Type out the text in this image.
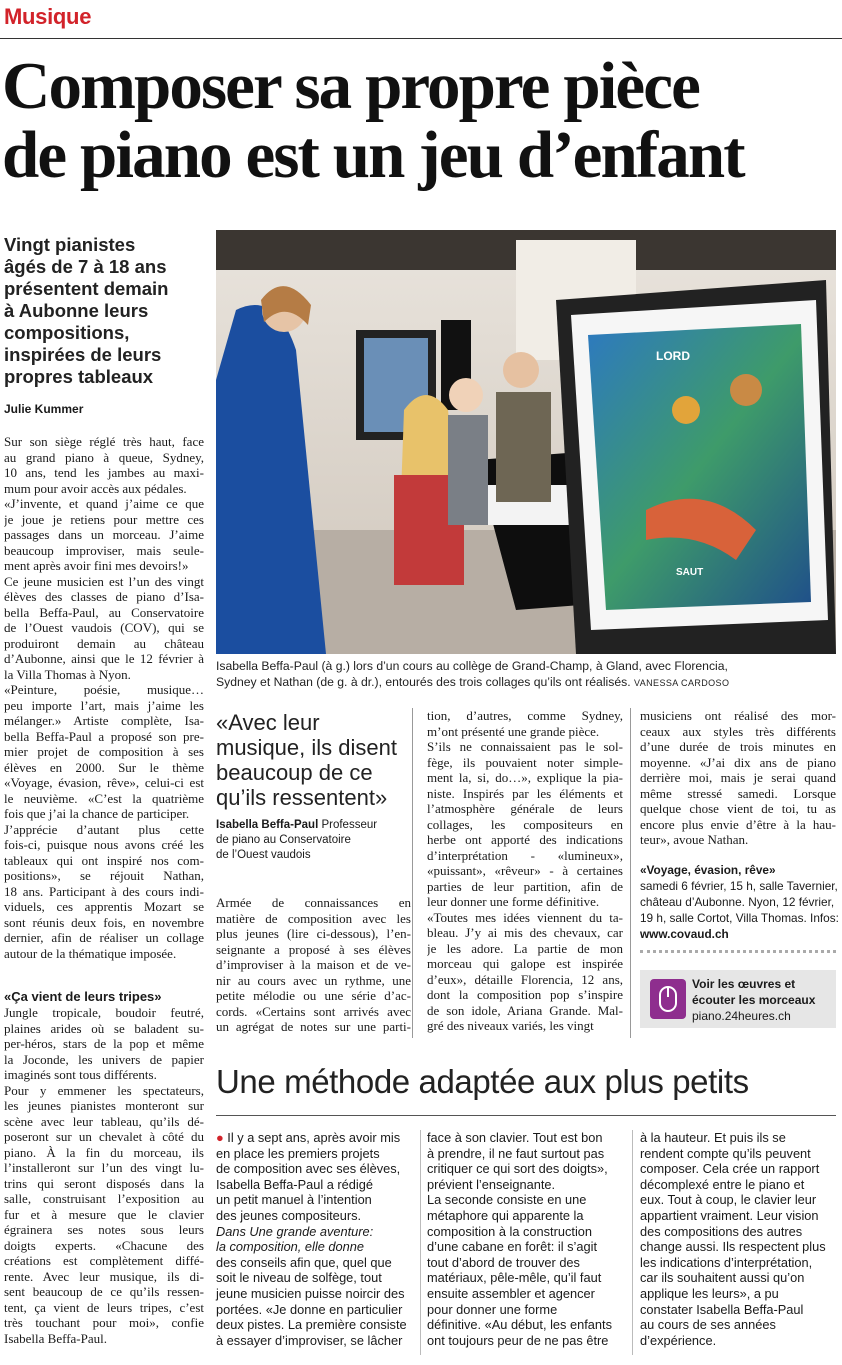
Musique
Composer sa propre pièce
de piano est un jeu d’enfant
Vingt pianistes
âgés de 7 à 18 ans
présentent demain
à Aubonne leurs
compositions,
inspirées de leurs
propres tableaux
Julie Kummer
Sur son siège réglé très haut, face
au grand piano à queue, Sydney,
10 ans, tend les jambes au maxi-
mum pour avoir accès aux pédales.
«J’invente, et quand j’aime ce que
je joue je retiens pour mettre ces
passages dans un morceau. J’aime
beaucoup improviser, mais seule-
ment après avoir fini mes devoirs!»
Ce jeune musicien est l’un des vingt
élèves des classes de piano d’Isa-
bella Beffa-Paul, au Conservatoire
de l’Ouest vaudois (COV), qui se
produiront demain au château
d’Aubonne, ainsi que le 12 février à
la Villa Thomas à Nyon.
«Peinture, poésie, musique…
peu importe l’art, mais j’aime les
mélanger.» Artiste complète, Isa-
bella Beffa-Paul a proposé son pre-
mier projet de composition à ses
élèves en 2000. Sur le thème
«Voyage, évasion, rêve», celui-ci est
le neuvième. «C’est la quatrième
fois que j’ai la chance de participer.
J’apprécie d’autant plus cette
fois-ci, puisque nous avons créé les
tableaux qui ont inspiré nos com-
positions», se réjouit Nathan,
18 ans. Participant à des cours indi-
viduels, ces apprentis Mozart se
sont réunis deux fois, en novembre
dernier, afin de réaliser un collage
autour de la thématique imposée.
«Ça vient de leurs tripes»
Jungle tropicale, boudoir feutré,
plaines arides où se baladent su-
per-héros, stars de la pop et même
la Joconde, les univers de papier
imaginés sont tous différents.
Pour y emmener les spectateurs,
les jeunes pianistes monteront sur
scène avec leur tableau, qu’ils dé-
poseront sur un chevalet à côté du
piano. À la fin du morceau, ils
l’installeront sur l’un des vingt lu-
trins qui seront disposés dans la
salle, construisant l’exposition au
fur et à mesure que le clavier
égrainera ses notes sous leurs
doigts experts. «Chacune des
créations est complètement diffé-
rente. Avec leur musique, ils di-
sent beaucoup de ce qu’ils ressen-
tent, ça vient de leurs tripes, c’est
très touchant pour moi», confie
Isabella Beffa-Paul.
LORD
SAUT
Isabella Beffa-Paul (à g.) lors d’un cours au collège de Grand-Champ, à Gland, avec Florencia,
Sydney et Nathan (de g. à dr.), entourés des trois collages qu’ils ont réalisés. VANESSA CARDOSO
«Avec leur
musique, ils disent
beaucoup de ce
qu’ils ressentent»
Isabella Beffa-Paul Professeur
de piano au Conservatoire
de l’Ouest vaudois
Armée de connaissances en
matière de composition avec les
plus jeunes (lire ci-dessous), l’en-
seignante a proposé à ses élèves
d’improviser à la maison et de ve-
nir au cours avec un rythme, une
petite mélodie ou une série d’ac-
cords. «Certains sont arrivés avec
un agrégat de notes sur une parti-
tion, d’autres, comme Sydney,
m’ont présenté une grande pièce.
S’ils ne connaissaient pas le sol-
fège, ils pouvaient noter simple-
ment la, si, do…», explique la pia-
niste. Inspirés par les éléments et
l’atmosphère générale de leurs
collages, les compositeurs en
herbe ont apporté des indications
d’interprétation - «lumineux»,
«puissant», «rêveur» - à certaines
parties de leur partition, afin de
leur donner une forme définitive.
«Toutes mes idées viennent du ta-
bleau. J’y ai mis des chevaux, car
je les adore. La partie de mon
morceau qui galope est inspirée
d’eux», détaille Florencia, 12 ans,
dont la composition pop s’inspire
de son idole, Ariana Grande. Mal-
gré des niveaux variés, les vingt
musiciens ont réalisé des mor-
ceaux aux styles très différents
d’une durée de trois minutes en
moyenne. «J’ai dix ans de piano
derrière moi, mais je serai quand
même stressé samedi. Lorsque
quelque chose vient de toi, tu as
encore plus envie d’être à la hau-
teur», avoue Nathan.
«Voyage, évasion, rêve»
samedi 6 février, 15 h, salle Tavernier,
château d’Aubonne. Nyon, 12 février,
19 h, salle Cortot, Villa Thomas. Infos:
www.covaud.ch
Voir les œuvres et
écouter les morceaux
piano.24heures.ch
Une méthode adaptée aux plus petits
● Il y a sept ans, après avoir mis
en place les premiers projets
de composition avec ses élèves,
Isabella Beffa-Paul a rédigé
un petit manuel à l’intention
des jeunes compositeurs.
Dans Une grande aventure:
la composition, elle donne
des conseils afin que, quel que
soit le niveau de solfège, tout
jeune musicien puisse noircir des
portées. «Je donne en particulier
deux pistes. La première consiste
à essayer d’improviser, se lâcher
face à son clavier. Tout est bon
à prendre, il ne faut surtout pas
critiquer ce qui sort des doigts»,
prévient l’enseignante.
La seconde consiste en une
métaphore qui apparente la
composition à la construction
d’une cabane en forêt: il s’agit
tout d’abord de trouver des
matériaux, pêle-mêle, qu’il faut
ensuite assembler et agencer
pour donner une forme
définitive. «Au début, les enfants
ont toujours peur de ne pas être
à la hauteur. Et puis ils se
rendent compte qu’ils peuvent
composer. Cela crée un rapport
décomplexé entre le piano et
eux. Tout à coup, le clavier leur
appartient vraiment. Leur vision
des compositions des autres
change aussi. Ils respectent plus
les indications d’interprétation,
car ils souhaitent aussi qu’on
applique les leurs», a pu
constater Isabella Beffa-Paul
au cours de ses années
d’expérience.
